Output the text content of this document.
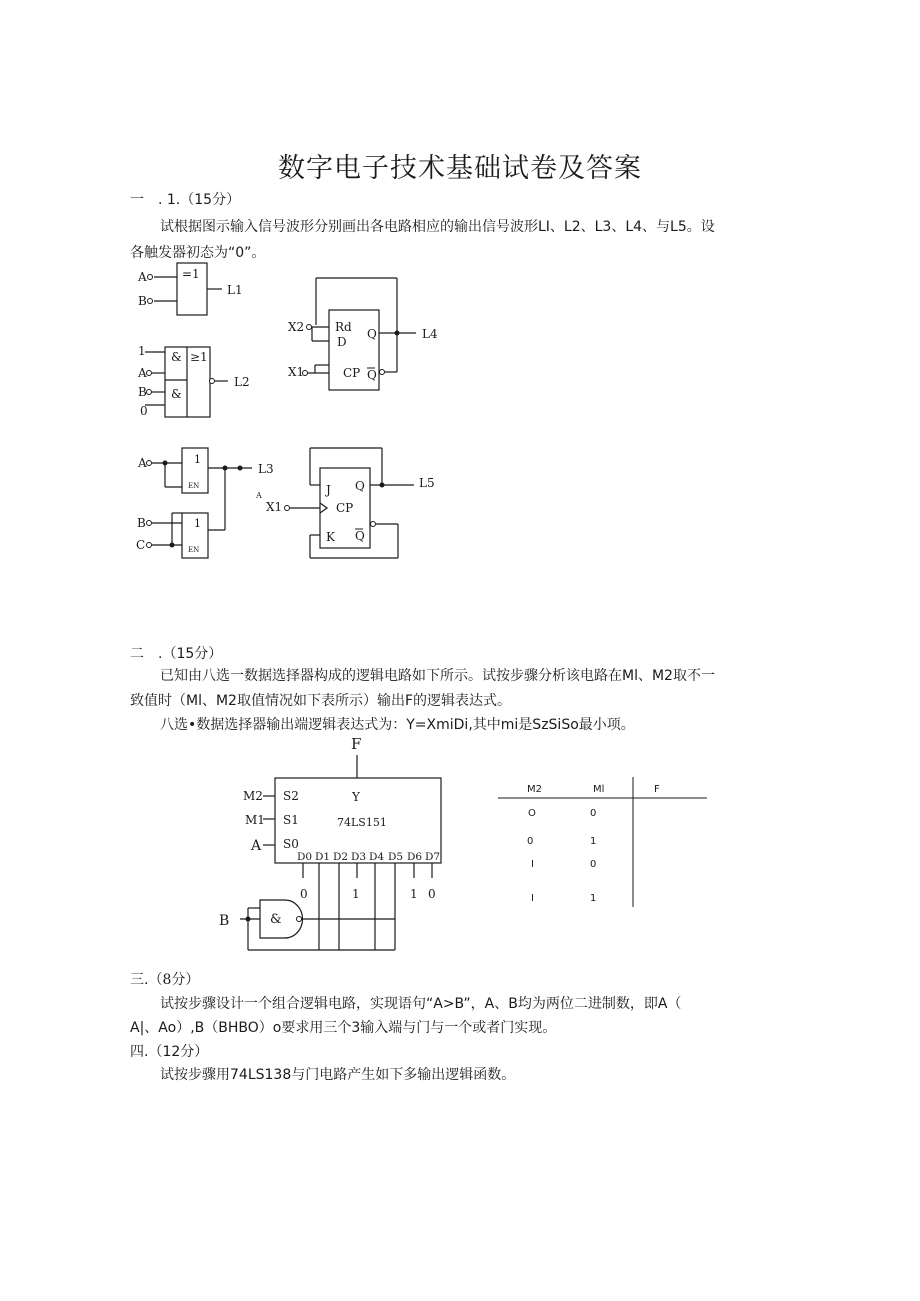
数字电子技术基础试卷及答案
一　. 1.（15分）
试根据图示输入信号波形分别画出各电路相应的输出信号波形LI、L2、L3、L4、与L5。设
各触发器初态为“0”。
=1
A
B
L1
1
A
B
0
&
&
≥1
L2
A
B
C
1
1
EN
EN
L3
Rd
D
CP
Q
Q
X2
X1
L4
J
K
CP
Q
Q
X1
A
L5
二　.（15分）
已知由八选一数据选择器构成的逻辑电路如下所示。试按步骤分析该电路在Ml、M2取不一
致值时（Ml、M2取值情况如下表所示）输出F的逻辑表达式。
八选•数据选择器输出端逻辑表达式为：Y=XmiDi,其中mi是SzSiSo最小项。
F
M2
M1
A
S2
S1
S0
Y
74LS151
D0 D1 D2 D3 D4 D5 D6 D7
0	1	1 0
B	&
M2	Ml	F
O	0
0	1
I	0
I	1
三.（8分）
试按步骤设计一个组合逻辑电路，实现语句“A>B”，A、B均为两位二进制数，即A（
A|、Ao）,B（BHBO）o要求用三个3输入端与门与一个或者门实现。
四.（12分）
试按步骤用74LS138与门电路产生如下多输出逻辑函数。
